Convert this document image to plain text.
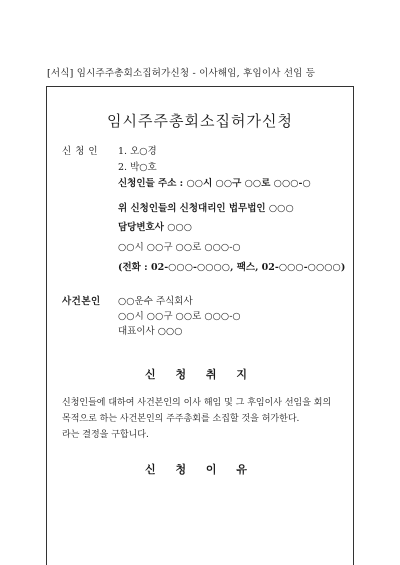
[서식] 임시주주총회소집허가신청 - 이사해임, 후임이사 선임 등
임시주주총회소집허가신청
신 청 인 1. 오○경
2. 박○호
신청인들 주소 : ○○시 ○○구 ○○로 ○○○-○
위 신청인들의 신청대리인 법무법인 ○○○
담당변호사 ○○○
○○시 ○○구 ○○로 ○○○-○
(전화 : 02-○○○-○○○○, 팩스, 02-○○○-○○○○)
사건본인 ○○운수 주식회사
○○시 ○○구 ○○로 ○○○-○
대표이사 ○○○
신 청 취 지
신청인들에 대하여 사건본인의 이사 해임 및 그 후임이사 선임을 회의
목적으로 하는 사건본인의 주주총회를 소집할 것을 허가한다.
라는 결정을 구합니다.
신 청 이 유
